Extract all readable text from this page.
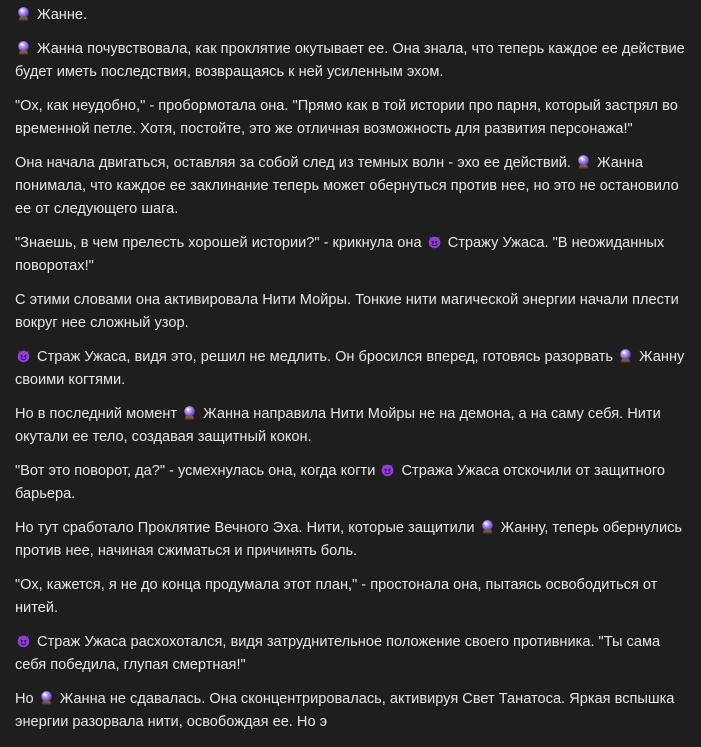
Жанне.

Жанна почувствовала, как проклятие окутывает ее. Она знала, что теперь каждое ее действие будет иметь последствия, возвращаясь к ней усиленным эхом.

"Ох, как неудобно," - пробормотала она. "Прямо как в той истории про парня, который застрял во временной петле. Хотя, постойте, это же отличная возможность для развития персонажа!"

Она начала двигаться, оставляя за собой след из темных волн - эхо ее действий.
Жанна понимала, что каждое ее заклинание теперь может обернуться против нее, но это не остановило ее от следующего шага.

"Знаешь, в чем прелесть хорошей истории?" - крикнула она
Стражу Ужаса. "В неожиданных поворотах!"

С этими словами она активировала Нити Мойры. Тонкие нити магической энергии начали плести вокруг нее сложный узор.

Страж Ужаса, видя это, решил не медлить. Он бросился вперед, готовясь разорвать
Жанну своими когтями.

Но в последний момент
Жанна направила Нити Мойры не на демона, а на саму себя. Нити окутали ее тело, создавая защитный кокон.

"Вот это поворот, да?" - усмехнулась она, когда когти
Стража Ужаса отскочили от защитного барьера.

Но тут сработало Проклятие Вечного Эха. Нити, которые защитили
Жанну, теперь обернулись против нее, начиная сжиматься и причинять боль.

"Ох, кажется, я не до конца продумала этот план," - простонала она, пытаясь освободиться от нитей.

Страж Ужаса расхохотался, видя затруднительное положение своего противника. "Ты сама себя победила, глупая смертная!"

Но
Жанна не сдавалась. Она сконцентрировалась, активируя Свет Танатоса. Яркая вспышка энергии разорвала нити, освобождая ее. Но э
